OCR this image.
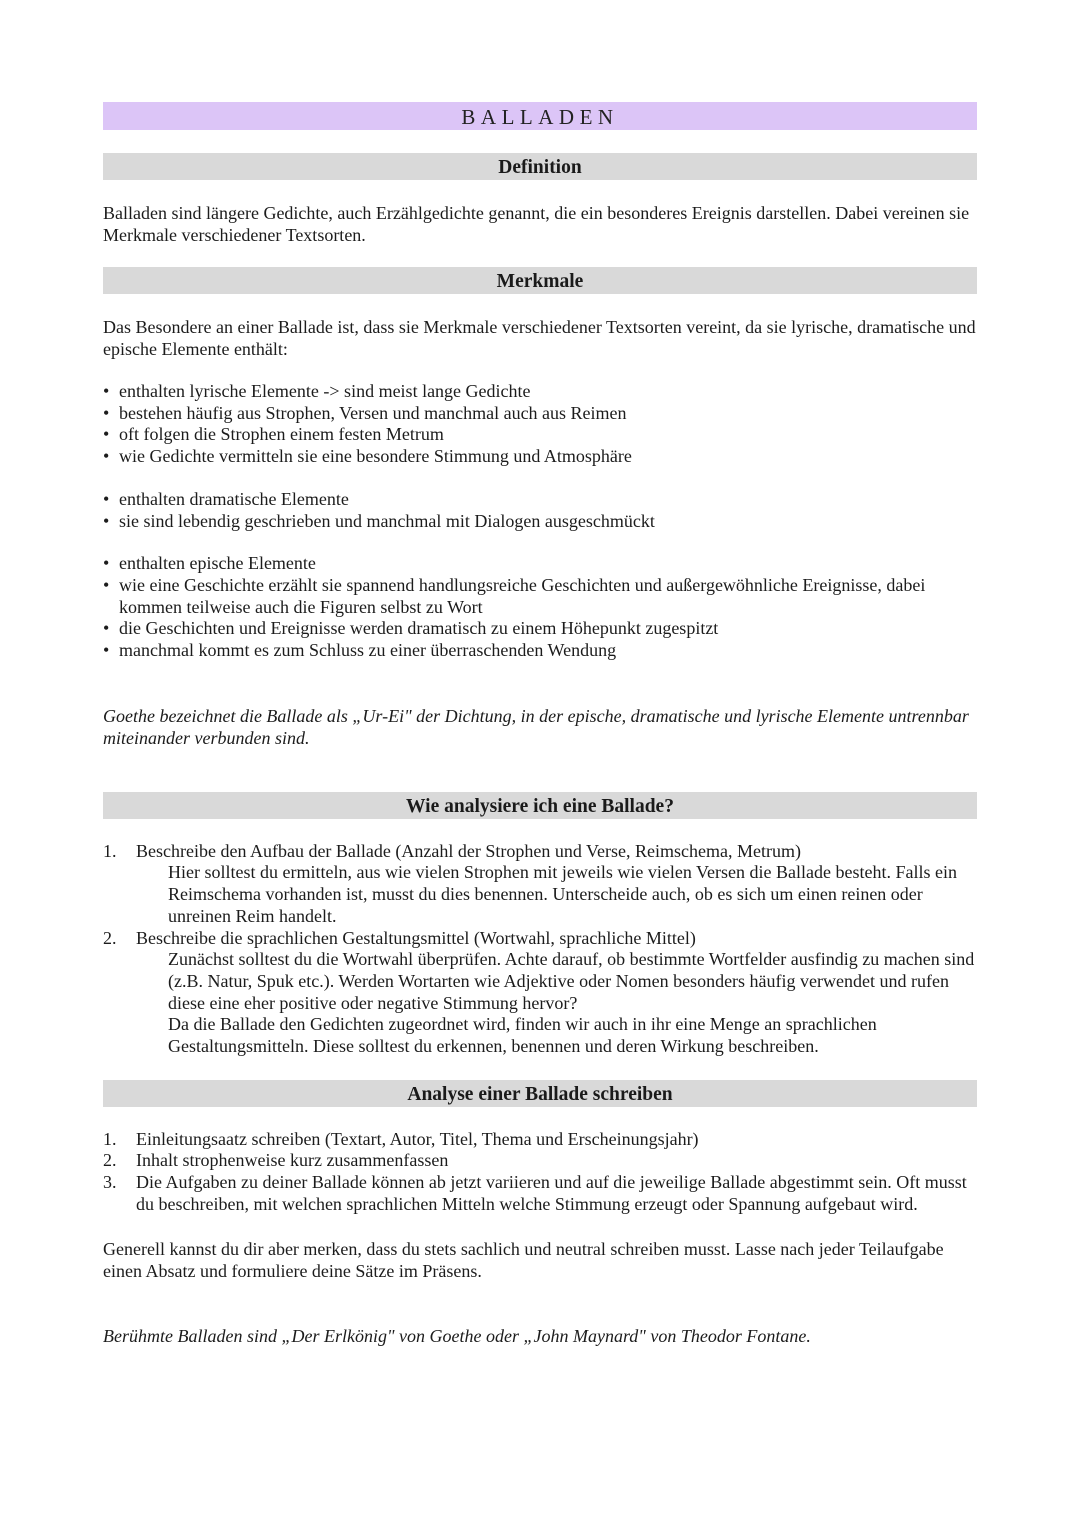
BALLADEN
Definition

Balladen sind längere Gedichte, auch Erzählgedichte genannt, die ein besonderes Ereignis darstellen. Dabei vereinen sie Merkmale verschiedener Textsorten.

Merkmale

Das Besondere an einer Ballade ist, dass sie Merkmale verschiedener Textsorten vereint, da sie lyrische, dramatische und epische Elemente enthält:

• enthalten lyrische Elemente -> sind meist lange Gedichte
• bestehen häufig aus Strophen, Versen und manchmal auch aus Reimen
• oft folgen die Strophen einem festen Metrum
• wie Gedichte vermitteln sie eine besondere Stimmung und Atmosphäre
• enthalten dramatische Elemente
• sie sind lebendig geschrieben und manchmal mit Dialogen ausgeschmückt
• enthalten epische Elemente
• wie eine Geschichte erzählt sie spannend handlungsreiche Geschichten und außergewöhnliche Ereignisse, dabei kommen teilweise auch die Figuren selbst zu Wort
• die Geschichten und Ereignisse werden dramatisch zu einem Höhepunkt zugespitzt
• manchmal kommt es zum Schluss zu einer überraschenden Wendung

Goethe bezeichnet die Ballade als „Ur-Ei" der Dichtung, in der epische, dramatische und lyrische Elemente untrennbar miteinander verbunden sind.

Wie analysiere ich eine Ballade?
1. Beschreibe den Aufbau der Ballade (Anzahl der Strophen und Verse, Reimschema, Metrum)
Hier solltest du ermitteln, aus wie vielen Strophen mit jeweils wie vielen Versen die Ballade besteht. Falls ein Reimschema vorhanden ist, musst du dies benennen. Unterscheide auch, ob es sich um einen reinen oder unreinen Reim handelt.
2. Beschreibe die sprachlichen Gestaltungsmittel (Wortwahl, sprachliche Mittel)
Zunächst solltest du die Wortwahl überprüfen. Achte darauf, ob bestimmte Wortfelder ausfindig zu machen sind (z.B. Natur, Spuk etc.). Werden Wortarten wie Adjektive oder Nomen besonders häufig verwendet und rufen diese eine eher positive oder negative Stimmung hervor?
Da die Ballade den Gedichten zugeordnet wird, finden wir auch in ihr eine Menge an sprachlichen Gestaltungsmitteln. Diese solltest du erkennen, benennen und deren Wirkung beschreiben.
Analyse einer Ballade schreiben
1. Einleitungsaatz schreiben (Textart, Autor, Titel, Thema und Erscheinungsjahr)
2. Inhalt strophenweise kurz zusammenfassen
3. Die Aufgaben zu deiner Ballade können ab jetzt variieren und auf die jeweilige Ballade abgestimmt sein. Oft musst du beschreiben, mit welchen sprachlichen Mitteln welche Stimmung erzeugt oder Spannung aufgebaut wird.

Generell kannst du dir aber merken, dass du stets sachlich und neutral schreiben musst. Lasse nach jeder Teilaufgabe einen Absatz und formuliere deine Sätze im Präsens.

Berühmte Balladen sind „Der Erlkönig" von Goethe oder „John Maynard" von Theodor Fontane.
